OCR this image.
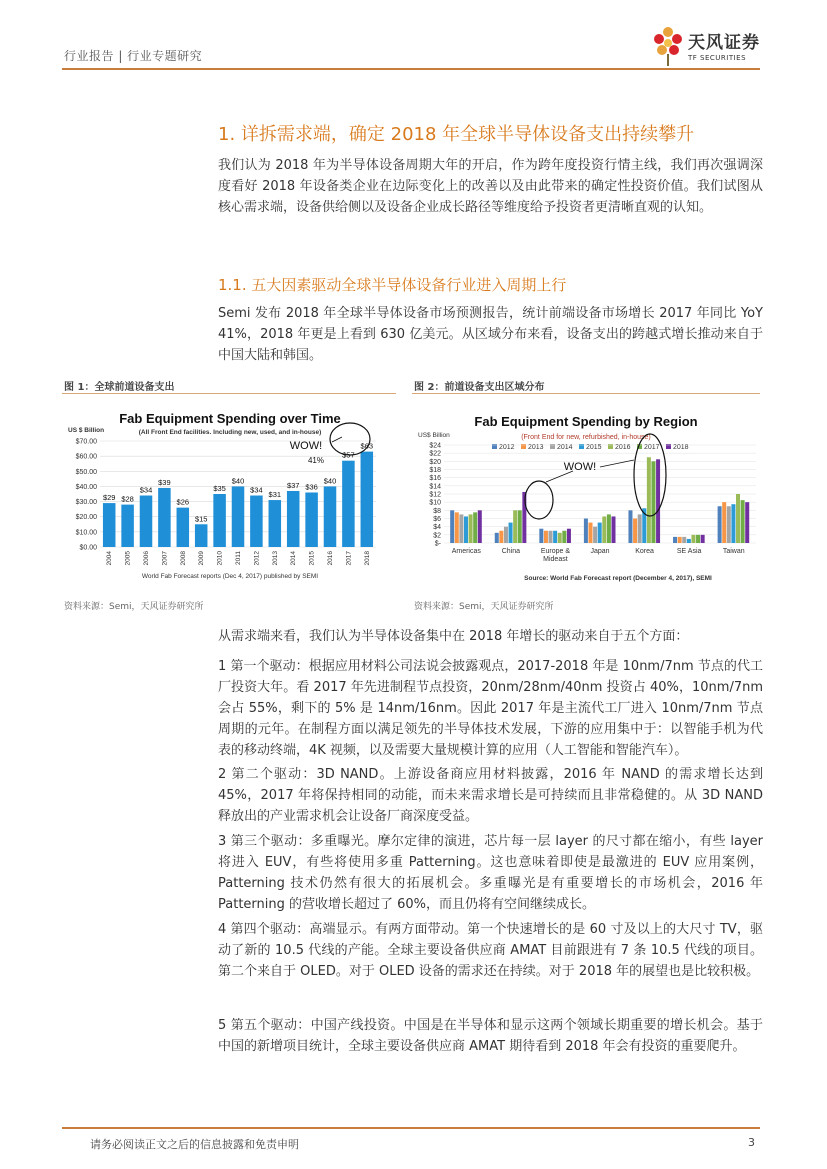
行业报告 | 行业专题研究
天风证券
TF SECURITIES
1. 详拆需求端，确定 2018 年全球半导体设备支出持续攀升
我们认为 2018 年为半导体设备周期大年的开启，作为跨年度投资行情主线，我们再次强调深度看好 2018 年设备类企业在边际变化上的改善以及由此带来的确定性投资价值。我们试图从核心需求端，设备供给侧以及设备企业成长路径等维度给予投资者更清晰直观的认知。
1.1. 五大因素驱动全球半导体设备行业进入周期上行
Semi 发布 2018 年全球半导体设备市场预测报告，统计前端设备市场增长 2017 年同比 YoY 41%，2018 年更是上看到 630 亿美元。从区域分布来看，设备支出的跨越式增长推动来自于中国大陆和韩国。
图 1：全球前道设备支出	图 2：前道设备支出区域分布
Fab Equipment Spending over Time
(All Front End facilities. Including new, used, and in-house)
US $ Billion
$29 $28
$34
$39
$26
$15
$35
$40
$34
$31
$37 $36
$40
$57
$63
2004 2005 2006 2007 2008 2009 2010 2011 2012 2013 2014 2015 2016 2017 2018
$0.00
$10.00
$20.00
$30.00
$40.00
$50.00
$60.00
$70.00	WOW!
41%
World Fab Forecast reports (Dec 4, 2017) published by SEMI
Fab Equipment Spending by Region
(Front End for new, refurbished, in-house)
US$ Billion
2012 2013 2014 2015 2016 2017 2018
Americas	China	Europe &
Mideast
Japan	Korea	SE Asia	Taiwan
$-
$2
$4
$6
$8
$10
$12
$14
$16
$18
$20
$22
$24
WOW!
Source: World Fab Forecast report (December 4, 2017), SEMI
资料来源：Semi，天风证券研究所	资料来源：Semi，天风证券研究所
从需求端来看，我们认为半导体设备集中在 2018 年增长的驱动来自于五个方面：
1 第一个驱动：根据应用材料公司法说会披露观点，2017-2018 年是 10nm/7nm 节点的代工厂投资大年。看 2017 年先进制程节点投资，20nm/28nm/40nm 投资占 40%，10nm/7nm 会占 55%，剩下的 5% 是 14nm/16nm。因此 2017 年是主流代工厂进入 10nm/7nm 节点周期的元年。在制程方面以满足领先的半导体技术发展，下游的应用集中于：以智能手机为代表的移动终端，4K 视频，以及需要大量规模计算的应用（人工智能和智能汽车）。
2 第二个驱动：3D NAND。上游设备商应用材料披露，2016 年 NAND 的需求增长达到 45%，2017 年将保持相同的动能，而未来需求增长是可持续而且非常稳健的。从 3D NAND 释放出的产业需求机会让设备厂商深度受益。
3 第三个驱动：多重曝光。摩尔定律的演进，芯片每一层 layer 的尺寸都在缩小，有些 layer 将进入 EUV，有些将使用多重 Patterning。这也意味着即使是最激进的 EUV 应用案例，Patterning 技术仍然有很大的拓展机会。多重曝光是有重要增长的市场机会，2016 年 Patterning 的营收增长超过了 60%，而且仍将有空间继续成长。
4 第四个驱动：高端显示。有两方面带动。第一个快速增长的是 60 寸及以上的大尺寸 TV，驱动了新的 10.5 代线的产能。全球主要设备供应商 AMAT 目前跟进有 7 条 10.5 代线的项目。第二个来自于 OLED。对于 OLED 设备的需求还在持续。对于 2018 年的展望也是比较积极。
5 第五个驱动：中国产线投资。中国是在半导体和显示这两个领域长期重要的增长机会。基于中国的新增项目统计，全球主要设备供应商 AMAT 期待看到 2018 年会有投资的重要爬升。
请务必阅读正文之后的信息披露和免责申明	3
